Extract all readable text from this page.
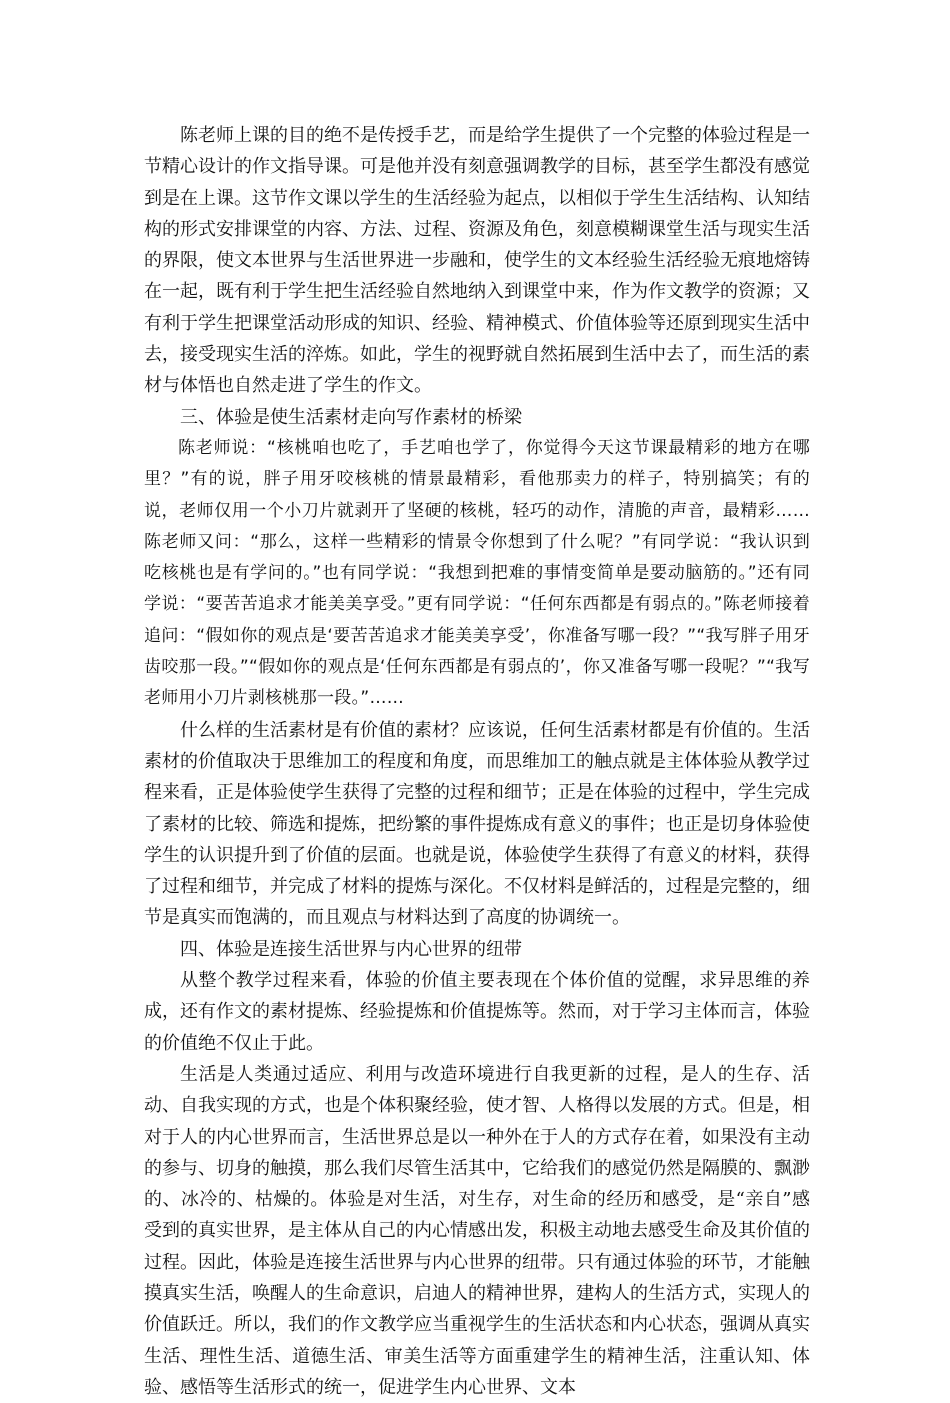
陈老师上课的目的绝不是传授手艺，而是给学生提供了一个完整的体验过程是一节精心设计的作文指导课。可是他并没有刻意强调教学的目标，甚至学生都没有感觉到是在上课。这节作文课以学生的生活经验为起点，以相似于学生生活结构、认知结构的形式安排课堂的内容、方法、过程、资源及角色，刻意模糊课堂生活与现实生活的界限，使文本世界与生活世界进一步融和，使学生的文本经验生活经验无痕地熔铸在一起，既有利于学生把生活经验自然地纳入到课堂中来，作为作文教学的资源；又有利于学生把课堂活动形成的知识、经验、精神模式、价值体验等还原到现实生活中去，接受现实生活的淬炼。如此，学生的视野就自然拓展到生活中去了，而生活的素材与体悟也自然走进了学生的作文。

三、体验是使生活素材走向写作素材的桥梁

陈老师说：“核桃咱也吃了，手艺咱也学了，你觉得今天这节课最精彩的地方在哪里？”有的说，胖子用牙咬核桃的情景最精彩，看他那卖力的样子，特别搞笑；有的说，老师仅用一个小刀片就剥开了坚硬的核桃，轻巧的动作，清脆的声音，最精彩……陈老师又问：“那么，这样一些精彩的情景令你想到了什么呢？”有同学说：“我认识到吃核桃也是有学问的。”也有同学说：“我想到把难的事情变简单是要动脑筋的。”还有同学说：“要苦苦追求才能美美享受。”更有同学说：“任何东西都是有弱点的。”陈老师接着追问：“假如你的观点是‘要苦苦追求才能美美享受’，你准备写哪一段？”“我写胖子用牙齿咬那一段。”“假如你的观点是‘任何东西都是有弱点的’，你又准备写哪一段呢？”“我写老师用小刀片剥核桃那一段。”……

什么样的生活素材是有价值的素材？应该说，任何生活素材都是有价值的。生活素材的价值取决于思维加工的程度和角度，而思维加工的触点就是主体体验从教学过程来看，正是体验使学生获得了完整的过程和细节；正是在体验的过程中，学生完成了素材的比较、筛选和提炼，把纷繁的事件提炼成有意义的事件；也正是切身体验使学生的认识提升到了价值的层面。也就是说，体验使学生获得了有意义的材料，获得了过程和细节，并完成了材料的提炼与深化。不仅材料是鲜活的，过程是完整的，细节是真实而饱满的，而且观点与材料达到了高度的协调统一。

四、体验是连接生活世界与内心世界的纽带

从整个教学过程来看，体验的价值主要表现在个体价值的觉醒，求异思维的养成，还有作文的素材提炼、经验提炼和价值提炼等。然而，对于学习主体而言，体验的价值绝不仅止于此。

生活是人类通过适应、利用与改造环境进行自我更新的过程，是人的生存、活动、自我实现的方式，也是个体积聚经验，使才智、人格得以发展的方式。但是，相对于人的内心世界而言，生活世界总是以一种外在于人的方式存在着，如果没有主动的参与、切身的触摸，那么我们尽管生活其中，它给我们的感觉仍然是隔膜的、飘渺的、冰冷的、枯燥的。体验是对生活，对生存，对生命的经历和感受，是“亲自”感受到的真实世界，是主体从自己的内心情感出发，积极主动地去感受生命及其价值的过程。因此，体验是连接生活世界与内心世界的纽带。只有通过体验的环节，才能触摸真实生活，唤醒人的生命意识，启迪人的精神世界，建构人的生活方式，实现人的价值跃迁。所以，我们的作文教学应当重视学生的生活状态和内心状态，强调从真实生活、理性生活、道德生活、审美生活等方面重建学生的精神生活，注重认知、体验、感悟等生活形式的统一，促进学生内心世界、文本
